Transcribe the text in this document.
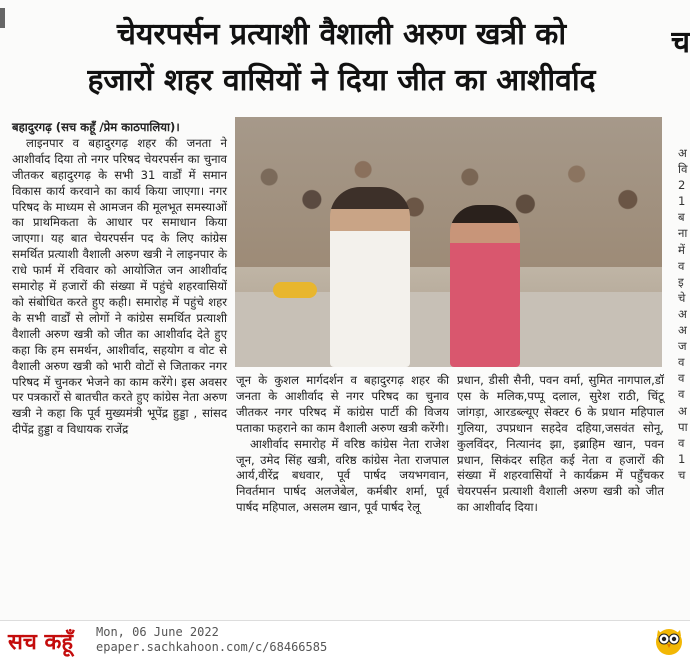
चेयरपर्सन प्रत्याशी वैशाली अरुण खत्री को
हजारों शहर वासियों ने दिया जीत का आशीर्वाद
च

बहादुरगढ़ (सच कहूँ /प्रेम काठपालिया)।

लाइनपार व बहादुरगढ़ शहर की जनता ने आशीर्वाद दिया तो नगर परिषद चेयरपर्सन का चुनाव जीतकर बहादुरगढ़ के सभी 31 वार्डों में समान विकास कार्य करवाने का कार्य किया जाएगा। नगर परिषद के माध्यम से आमजन की मूलभूत समस्याओं का प्राथमिकता के आधार पर समाधान किया जाएगा। यह बात चेयरपर्सन पद के लिए कांग्रेस समर्थित प्रत्याशी वैशाली अरुण खत्री ने लाइनपार के राधे फार्म में रविवार को आयोजित जन आशीर्वाद समारोह में हजारों की संख्या में पहुंचे शहरवासियों को संबोधित करते हुए कही। समारोह में पहुंचे शहर के सभी वार्डों से लोगों ने कांग्रेस समर्थित प्रत्याशी वैशाली अरुण खत्री को जीत का आशीर्वाद देते हुए कहा कि हम समर्थन, आशीर्वाद, सहयोग व वोट से वैशाली अरुण खत्री को भारी वोटों से जिताकर नगर परिषद में चुनकर भेजने का काम करेंगे। इस अवसर पर पत्रकारों से बातचीत करते हुए कांग्रेस नेता अरुण खत्री ने कहा कि पूर्व मुख्यमंत्री भूपेंद्र हुड्डा , सांसद दीपेंद्र हुड्डा व विधायक राजेंद्र

जून के कुशल मार्गदर्शन व बहादुरगढ़ शहर की जनता के आशीर्वाद से नगर परिषद का चुनाव जीतकर नगर परिषद में कांग्रेस पार्टी की विजय पताका फहराने का काम वैशाली अरुण खत्री करेंगी।

आशीर्वाद समारोह में वरिष्ठ कांग्रेस नेता राजेश जून, उमेद सिंह खत्री, वरिष्ठ कांग्रेस नेता राजपाल आर्य,वीरेंद्र बधवार, पूर्व पार्षद जयभगवान, निवर्तमान पार्षद अलजेबेल, कर्मबीर शर्मा, पूर्व पार्षद महिपाल, असलम खान, पूर्व पार्षद रेलू

प्रधान, डीसी सैनी, पवन वर्मा, सुमित नागपाल,डॉ एस के मलिक,पप्पू दलाल, सुरेश राठी, चिंटू जांगड़ा, आरडब्ल्यूए सेक्टर 6 के प्रधान महिपाल गुलिया, उपप्रधान सहदेव दहिया,जसवंत सोनू, कुलविंदर, नित्यानंद झा, इब्राहिम खान, पवन प्रधान, सिकंदर सहित कई नेता व हजारों की संख्या में शहरवासियों ने कार्यक्रम में पहुँचकर चेयरपर्सन प्रत्याशी वैशाली अरुण खत्री को जीत का आशीर्वाद दिया।

अ
वि
2
1
ब
ना
में
व
इ
चे
अ
अ
ज
व
व
व
अ
पा
व
1
च
सच कहूँ Mon, 06 June 2022
epaper.sachkahoon.com/c/68466585
